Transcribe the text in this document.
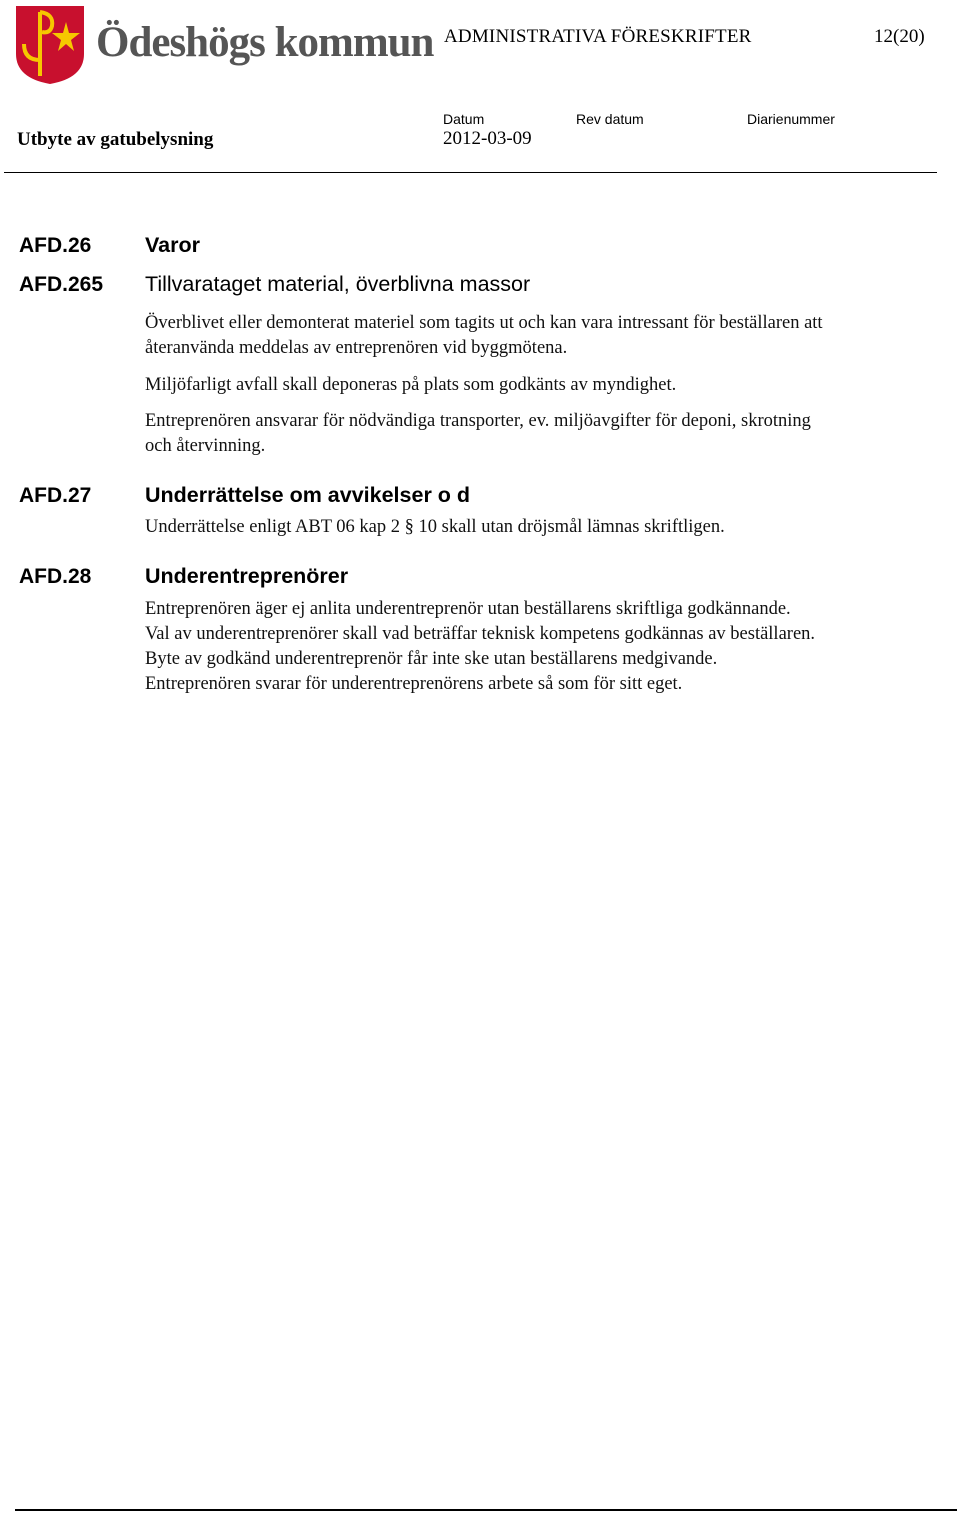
Ödeshögs kommun ADMINISTRATIVA FÖRESKRIFTER	12(20)
Utbyte av gatubelysning
Datum	Rev datum	Diarienummer
2012-03-09
AFD.26 Varor
AFD.265 Tillvarataget material, överblivna massor
Överblivet eller demonterat materiel som tagits ut och kan vara intressant för beställaren att
återanvända meddelas av entreprenören vid byggmötena.
Miljöfarligt avfall skall deponeras på plats som godkänts av myndighet.
Entreprenören ansvarar för nödvändiga transporter, ev. miljöavgifter för deponi, skrotning
och återvinning.
AFD.27 Underrättelse om avvikelser o d
Underrättelse enligt ABT 06 kap 2 § 10 skall utan dröjsmål lämnas skriftligen.
AFD.28 Underentreprenörer
Entreprenören äger ej anlita underentreprenör utan beställarens skriftliga godkännande.
Val av underentreprenörer skall vad beträffar teknisk kompetens godkännas av beställaren.
Byte av godkänd underentreprenör får inte ske utan beställarens medgivande.
Entreprenören svarar för underentreprenörens arbete så som för sitt eget.
